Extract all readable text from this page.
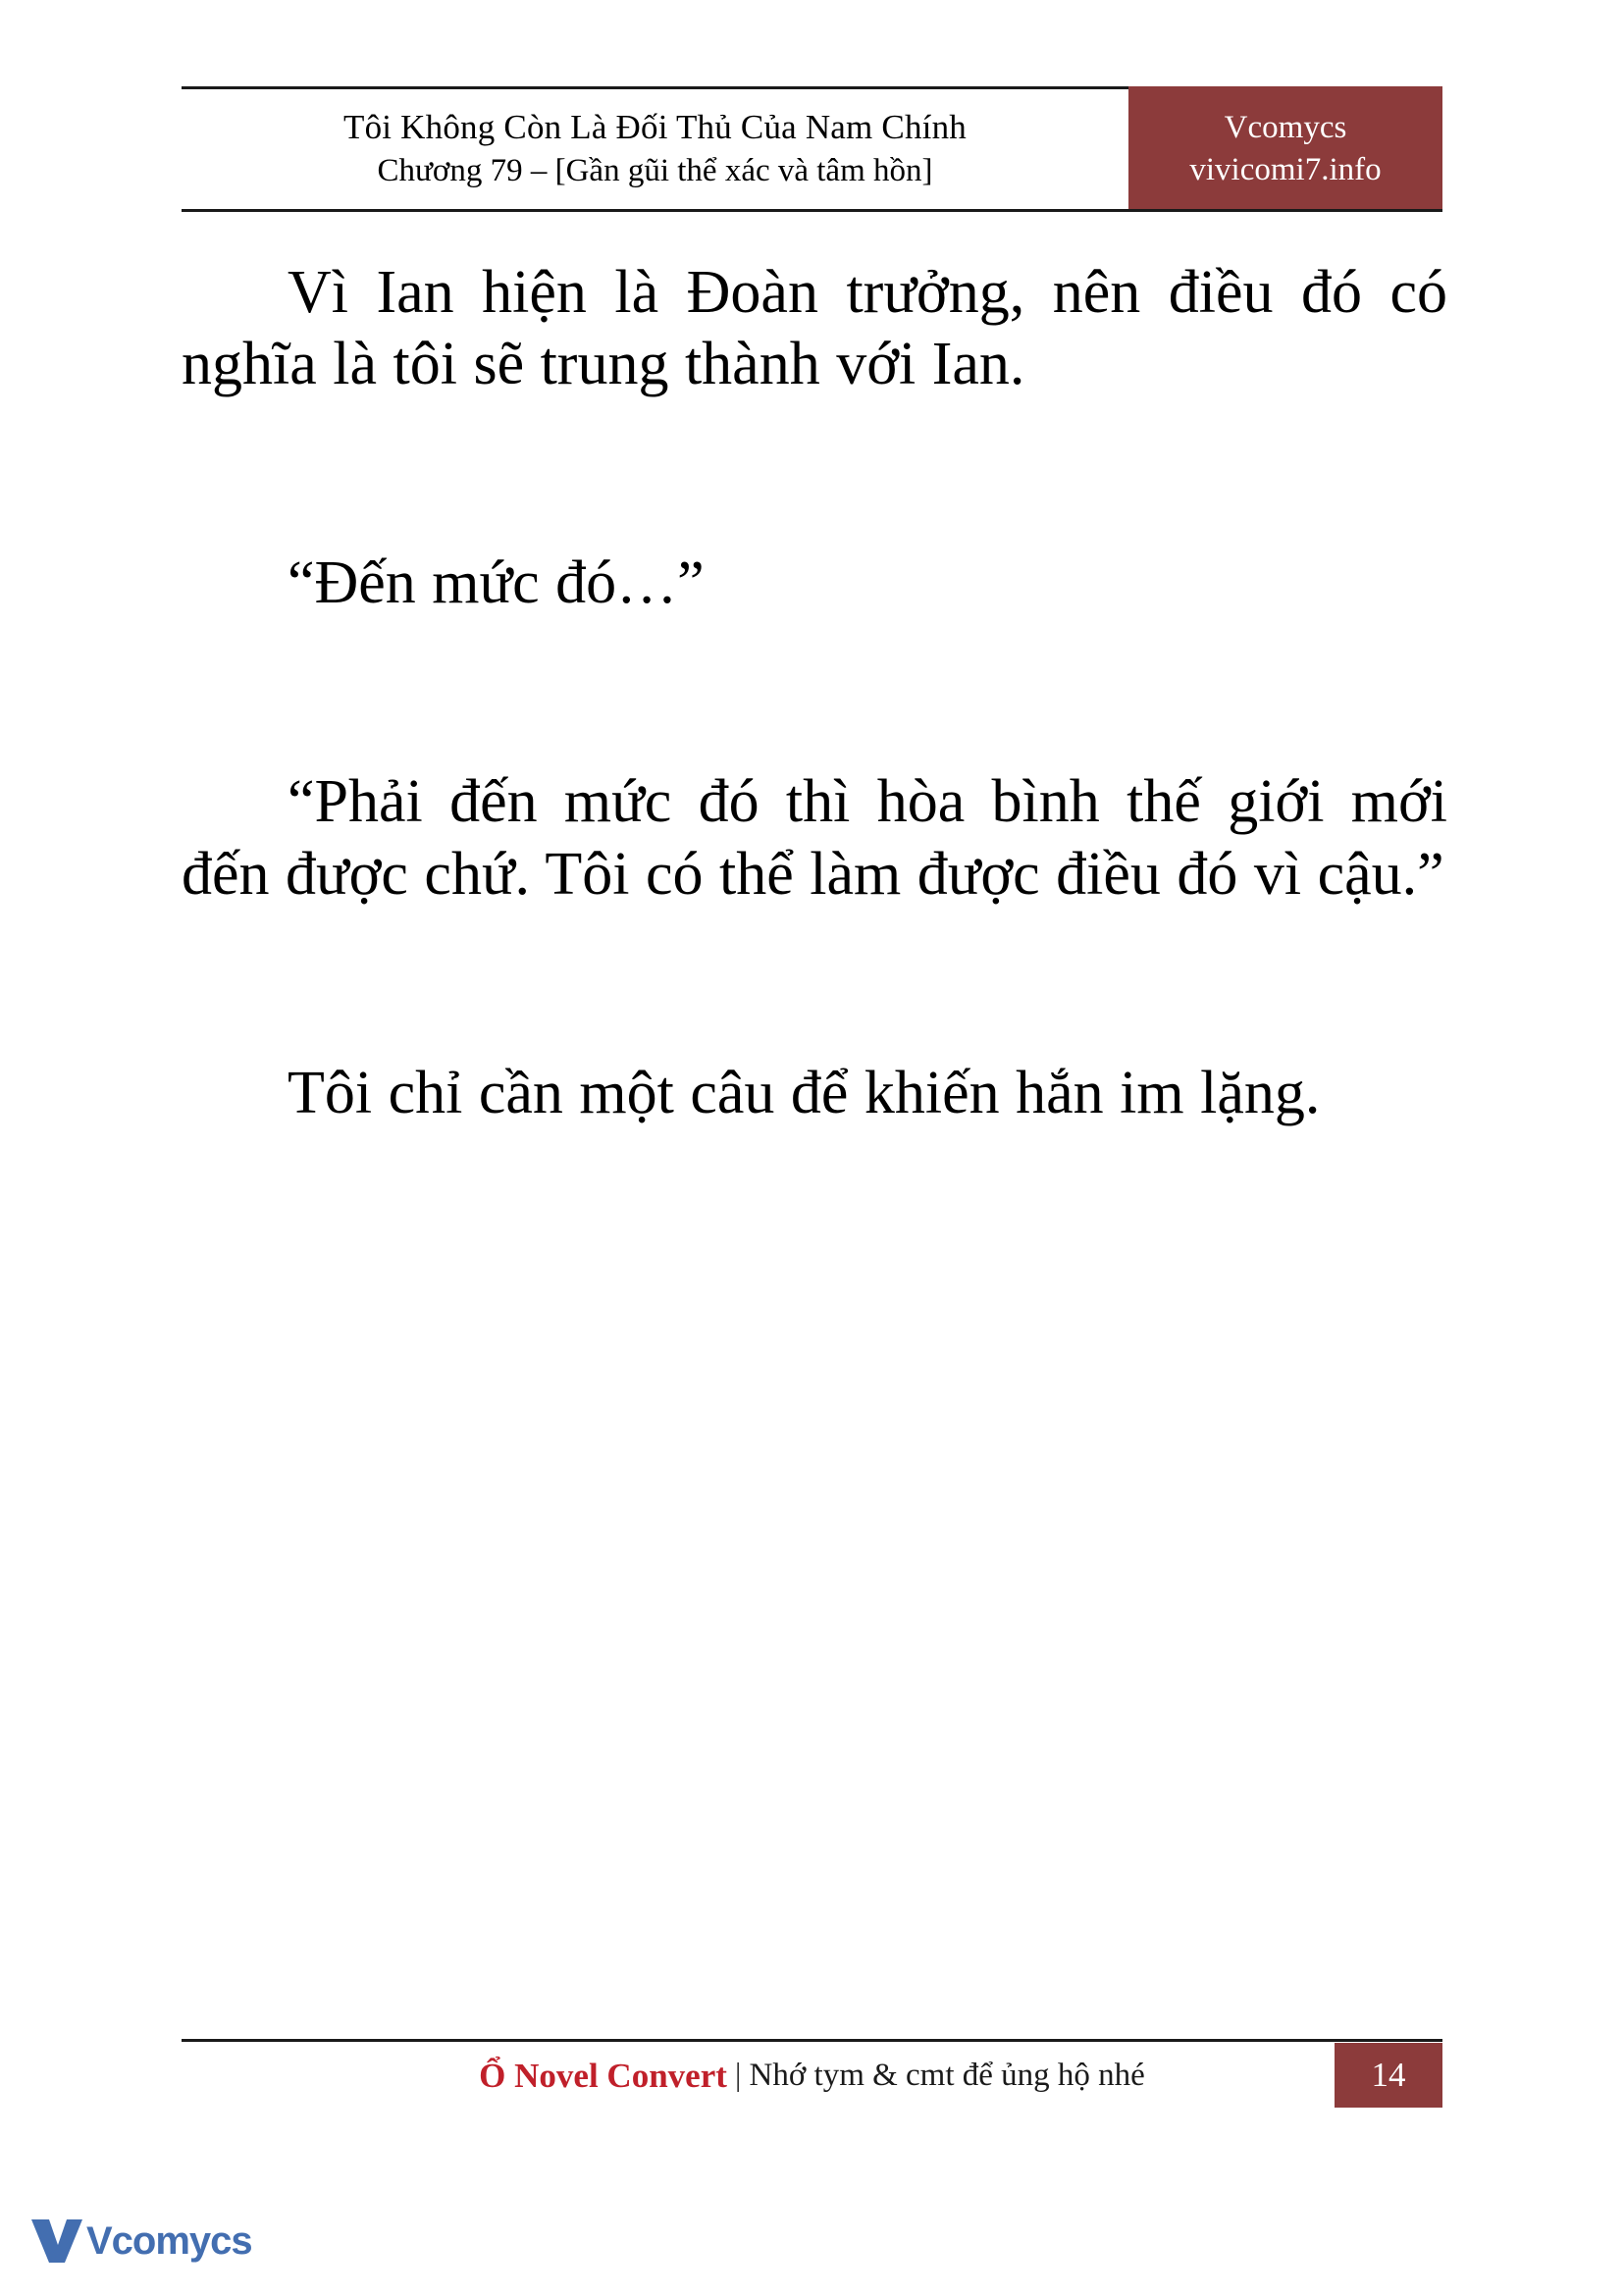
Tôi Không Còn Là Đối Thủ Của Nam Chính
Chương 79 – [Gần gũi thể xác và tâm hồn]
Vcomycs
vivicomi7.info

Vì Ian hiện là Đoàn trưởng, nên điều đó có nghĩa là tôi sẽ trung thành với Ian.

“Đến mức đó…”

“Phải đến mức đó thì hòa bình thế giới mới đến được chứ. Tôi có thể làm được điều đó vì cậu.”

Tôi chỉ cần một câu để khiến hắn im lặng.

Ổ Novel Convert | Nhớ tym & cmt để ủng hộ nhé	14
Vcomycs
